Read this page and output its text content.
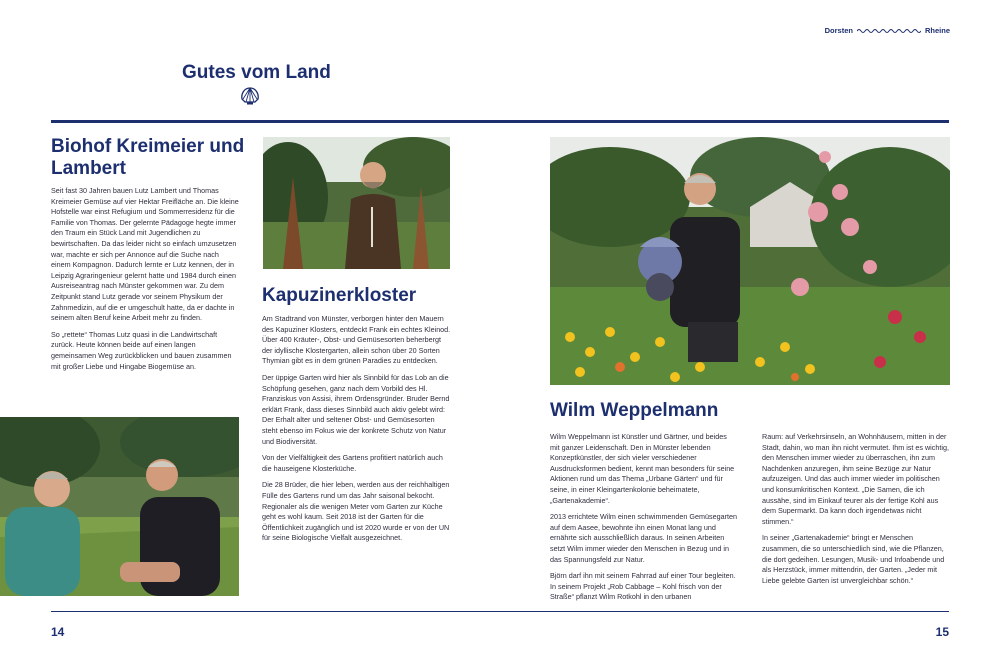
Dorsten	Rheine
Gutes vom Land
Biohof Kreimeier und Lambert

Seit fast 30 Jahren bauen Lutz Lambert und Thomas Kreimeier Gemüse auf vier Hektar Freifläche an. Die kleine Hofstelle war einst Refugium und Sommerresidenz für die Familie von Thomas. Der gelernte Pädagoge hegte immer den Traum ein Stück Land mit Jugendlichen zu bewirtschaften. Da das leider nicht so einfach umzusetzen war, machte er sich per Annonce auf die Suche nach einem Kompagnon. Dadurch lernte er Lutz kennen, der in Leipzig Agraringenieur gelernt hatte und 1984 durch einen Ausreiseantrag nach Münster gekommen war. Zu dem Zeitpunkt stand Lutz gerade vor seinem Physikum der Zahnmedizin, auf die er umgeschult hatte, da er dachte in seinem alten Beruf keine Arbeit mehr zu finden.

So „rettete“ Thomas Lutz quasi in die Landwirtschaft zurück. Heute können beide auf einen langen gemeinsamen Weg zurückblicken und bauen zusammen mit großer Liebe und Hingabe Biogemüse an.

Kapuzinerkloster

Am Stadtrand von Münster, verborgen hinter den Mauern des Kapuziner Klosters, entdeckt Frank ein echtes Kleinod. Über 400 Kräuter-, Obst- und Gemüsesorten beherbergt der idyllische Klostergarten, allein schon über 20 Sorten Thymian gibt es in dem grünen Paradies zu entdecken.

Der üppige Garten wird hier als Sinnbild für das Lob an die Schöpfung gesehen, ganz nach dem Vorbild des Hl. Franziskus von Assisi, ihrem Ordensgründer. Bruder Bernd erklärt Frank, dass dieses Sinnbild auch aktiv gelebt wird: Der Erhalt alter und seltener Obst- und Gemüsesorten steht ebenso im Fokus wie der konkrete Schutz von Natur und Biodiversität.

Von der Vielfältigkeit des Gartens profitiert natürlich auch die hauseigene Klosterküche.

Die 28 Brüder, die hier leben, werden aus der reichhaltigen Fülle des Gartens rund um das Jahr saisonal bekocht. Regionaler als die wenigen Meter vom Garten zur Küche geht es wohl kaum. Seit 2018 ist der Garten für die Öffentlichkeit zugänglich und ist 2020 wurde er von der UN für seine Biologische Vielfalt ausgezeichnet.

Wilm Weppelmann

Wilm Weppelmann ist Künstler und Gärtner, und beides mit ganzer Leidenschaft. Den in Münster lebenden Konzeptkünstler, der sich vieler verschiedener Ausdrucksformen bedient, kennt man besonders für seine Aktionen rund um das Thema „Urbane Gärten“ und für seine, in einer Kleingartenkolonie beheimatete, „Gartenakademie“.

2013 errichtete Wilm einen schwimmenden Gemüsegarten auf dem Aasee, bewohnte ihn einen Monat lang und ernährte sich ausschließlich daraus. In seinen Arbeiten setzt Wilm immer wieder den Menschen in Bezug und in das Spannungsfeld zur Natur.

Björn darf ihn mit seinem Fahrrad auf einer Tour begleiten. In seinem Projekt „Rob Cabbage – Kohl frisch von der Straße“ pflanzt Wilm Rotkohl in den urbanen

Raum: auf Verkehrsinseln, an Wohnhäusern, mitten in der Stadt, dahin, wo man ihn nicht vermutet. Ihm ist es wichtig, den Menschen immer wieder zu überraschen, ihn zum Nachdenken anzuregen, ihm seine Bezüge zur Natur aufzuzeigen. Und das auch immer wieder im politischen und konsumkritischen Kontext. „Die Samen, die ich aussähe, sind im Einkauf teurer als der fertige Kohl aus dem Supermarkt. Da kann doch irgendetwas nicht stimmen.“

In seiner „Gartenakademie“ bringt er Menschen zusammen, die so unterschiedlich sind, wie die Pflanzen, die dort gedeihen. Lesungen, Musik- und Infoabende und als Herzstück, immer mittendrin, der Garten. „Jeder mit Liebe gelebte Garten ist unvergleichbar schön.“

14	15
